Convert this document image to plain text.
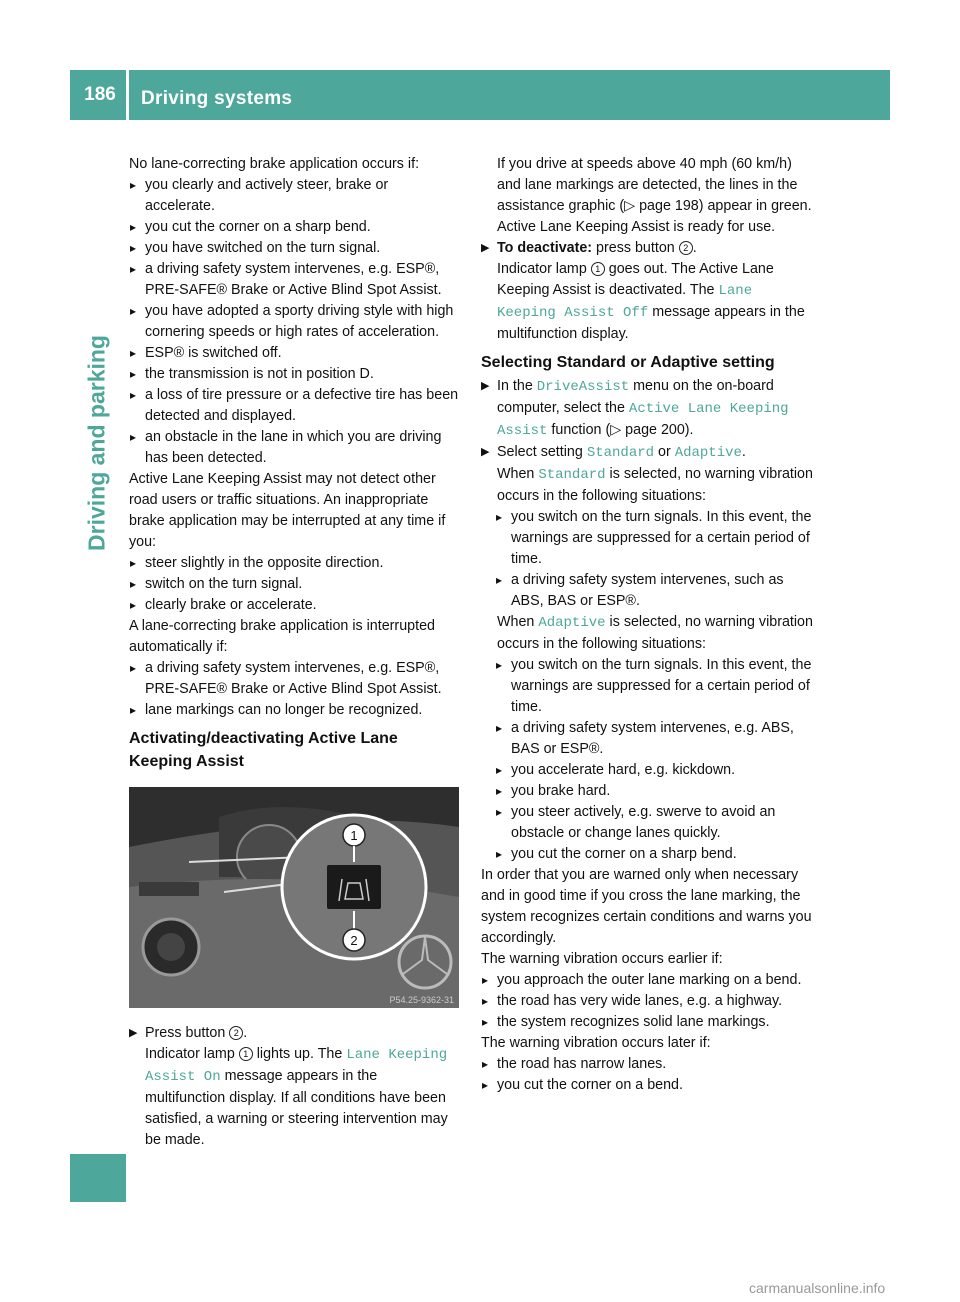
186	Driving systems
Driving and parking

No lane-correcting brake application occurs if:

▸ you clearly and actively steer, brake or accelerate.

▸ you cut the corner on a sharp bend.

▸ you have switched on the turn signal.

▸ a driving safety system intervenes, e.g. ESP®, PRE-SAFE® Brake or Active Blind Spot Assist.

▸ you have adopted a sporty driving style with high cornering speeds or high rates of acceleration.

▸ ESP® is switched off.

▸ the transmission is not in position D.

▸ a loss of tire pressure or a defective tire has been detected and displayed.

▸ an obstacle in the lane in which you are driving has been detected.

Active Lane Keeping Assist may not detect other road users or traffic situations. An inappropriate brake application may be interrupted at any time if you:

▸ steer slightly in the opposite direction.

▸ switch on the turn signal.

▸ clearly brake or accelerate.

A lane-correcting brake application is interrupted automatically if:

▸ a driving safety system intervenes, e.g. ESP®, PRE-SAFE® Brake or Active Blind Spot Assist.

▸ lane markings can no longer be recognized.

Activating/deactivating Active Lane Keeping Assist
1
2
P54.25-9362-31

▶ Press button 2 .
Indicator lamp 1 lights up. The Lane Keeping Assist On message appears in the multifunction display. If all conditions have been satisfied, a warning or steering intervention may be made.

If you drive at speeds above 40 mph (60 km/h) and lane markings are detected, the lines in the assistance graphic (▷ page 198) appear in green. Active Lane Keeping Assist is ready for use.

▶ To deactivate: press button 2 .
Indicator lamp 1 goes out. The Active Lane Keeping Assist is deactivated. The Lane Keeping Assist Off message appears in the multifunction display.

Selecting Standard or Adaptive setting

▶ In the DriveAssist menu on the on-board computer, select the Active Lane Keeping Assist function (▷ page 200).

▶ Select setting Standard or Adaptive.
When Standard is selected, no warning vibration occurs in the following situations:

▸ you switch on the turn signals. In this event, the warnings are suppressed for a certain period of time.

▸ a driving safety system intervenes, such as ABS, BAS or ESP®.

When Adaptive is selected, no warning vibration occurs in the following situations:

▸ you switch on the turn signals. In this event, the warnings are suppressed for a certain period of time.

▸ a driving safety system intervenes, e.g. ABS, BAS or ESP®.

▸ you accelerate hard, e.g. kickdown.

▸ you brake hard.

▸ you steer actively, e.g. swerve to avoid an obstacle or change lanes quickly.

▸ you cut the corner on a sharp bend.

In order that you are warned only when necessary and in good time if you cross the lane marking, the system recognizes certain conditions and warns you accordingly.

The warning vibration occurs earlier if:

▸ you approach the outer lane marking on a bend.

▸ the road has very wide lanes, e.g. a highway.

▸ the system recognizes solid lane markings.

The warning vibration occurs later if:

▸ the road has narrow lanes.

▸ you cut the corner on a bend.

carmanualsonline.info
